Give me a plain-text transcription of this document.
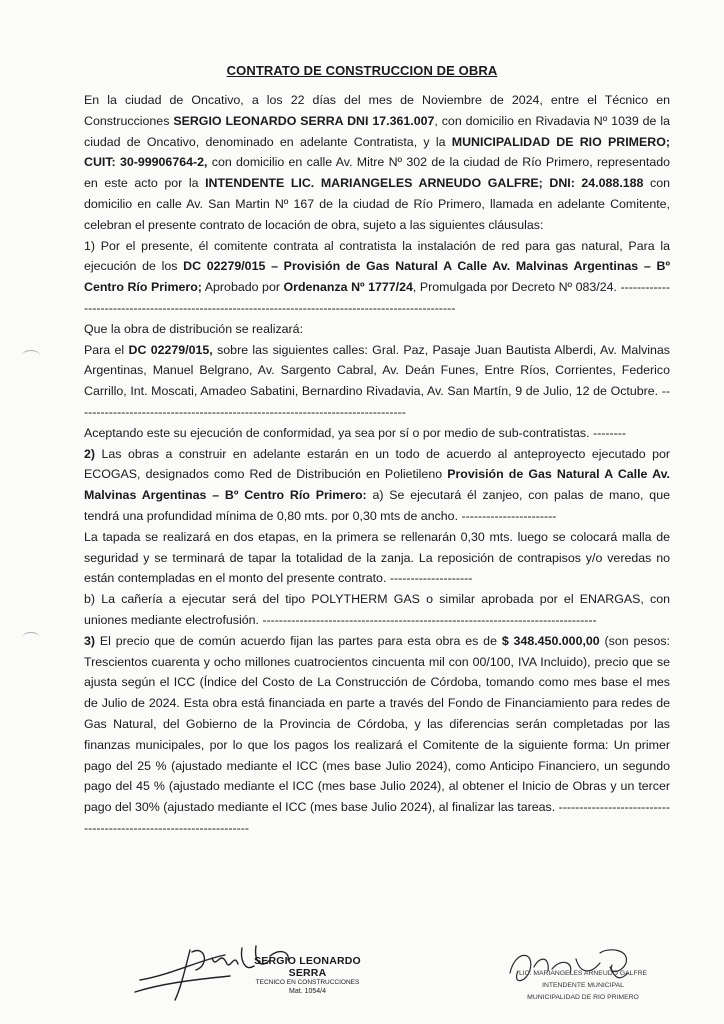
CONTRATO DE CONSTRUCCION DE OBRA

En la ciudad de Oncativo, a los 22 días del mes de Noviembre de 2024, entre el Técnico en Construcciones SERGIO LEONARDO SERRA DNI 17.361.007, con domicilio en Rivadavia Nº 1039 de la ciudad de Oncativo, denominado en adelante Contratista, y la MUNICIPALIDAD DE RIO PRIMERO; CUIT: 30-99906764-2, con domicilio en calle Av. Mitre Nº 302 de la ciudad de Río Primero, representado en este acto por la INTENDENTE LIC. MARIANGELES ARNEUDO GALFRE; DNI: 24.088.188 con domicilio en calle Av. San Martin Nº 167 de la ciudad de Río Primero, llamada en adelante Comitente, celebran el presente contrato de locación de obra, sujeto a las siguientes cláusulas:

1) Por el presente, él comitente contrata al contratista la instalación de red para gas natural, Para la ejecución de los DC 02279/015 – Provisión de Gas Natural A Calle Av. Malvinas Argentinas – Bº Centro Río Primero; Aprobado por Ordenanza Nº 1777/24, Promulgada por Decreto Nº 083/24. ------------------------------------------------------------------------------------------------------

Que la obra de distribución se realizará:

Para el DC 02279/015, sobre las siguientes calles: Gral. Paz, Pasaje Juan Bautista Alberdi, Av. Malvinas Argentinas, Manuel Belgrano, Av. Sargento Cabral, Av. Deán Funes, Entre Ríos, Corrientes, Federico Carrillo, Int. Moscati, Amadeo Sabatini, Bernardino Rivadavia, Av. San Martín, 9 de Julio, 12 de Octubre. --------------------------------------------------------------------------------

Aceptando este su ejecución de conformidad, ya sea por sí o por medio de sub-contratistas. --------

2) Las obras a construir en adelante estarán en un todo de acuerdo al anteproyecto ejecutado por ECOGAS, designados como Red de Distribución en Polietileno Provisión de Gas Natural A Calle Av. Malvinas Argentinas – Bº Centro Río Primero: a) Se ejecutará él zanjeo, con palas de mano, que tendrá una profundidad mínima de 0,80 mts. por 0,30 mts de ancho. -----------------------

La tapada se realizará en dos etapas, en la primera se rellenarán 0,30 mts. luego se colocará malla de seguridad y se terminará de tapar la totalidad de la zanja. La reposición de contrapisos y/o veredas no están contempladas en el monto del presente contrato. --------------------

b) La cañería a ejecutar será del tipo POLYTHERM GAS o similar aprobada por el ENARGAS, con uniones mediante electrofusión. ---------------------------------------------------------------------------------

3) El precio que de común acuerdo fijan las partes para esta obra es de $ 348.450.000,00 (son pesos: Trescientos cuarenta y ocho millones cuatrocientos cincuenta mil con 00/100, IVA Incluido), precio que se ajusta según el ICC (Índice del Costo de La Construcción de Córdoba, tomando como mes base el mes de Julio de 2024. Esta obra está financiada en parte a través del Fondo de Financiamiento para redes de Gas Natural, del Gobierno de la Provincia de Córdoba, y las diferencias serán completadas por las finanzas municipales, por lo que los pagos los realizará el Comitente de la siguiente forma: Un primer pago del 25 % (ajustado mediante el ICC (mes base Julio 2024), como Anticipo Financiero, un segundo pago del 45 % (ajustado mediante el ICC (mes base Julio 2024), al obtener el Inicio de Obras y un tercer pago del 30% (ajustado mediante el ICC (mes base Julio 2024), al finalizar las tareas. -------------------------------------------------------------------

SERGIO LEONARDO SERRA
TECNICO EN CONSTRUCCIONES
Mat. 1054/4
LIC. MARIANGELES ARNEUDO GALFRE
INTENDENTE MUNICIPAL
MUNICIPALIDAD DE RIO PRIMERO
